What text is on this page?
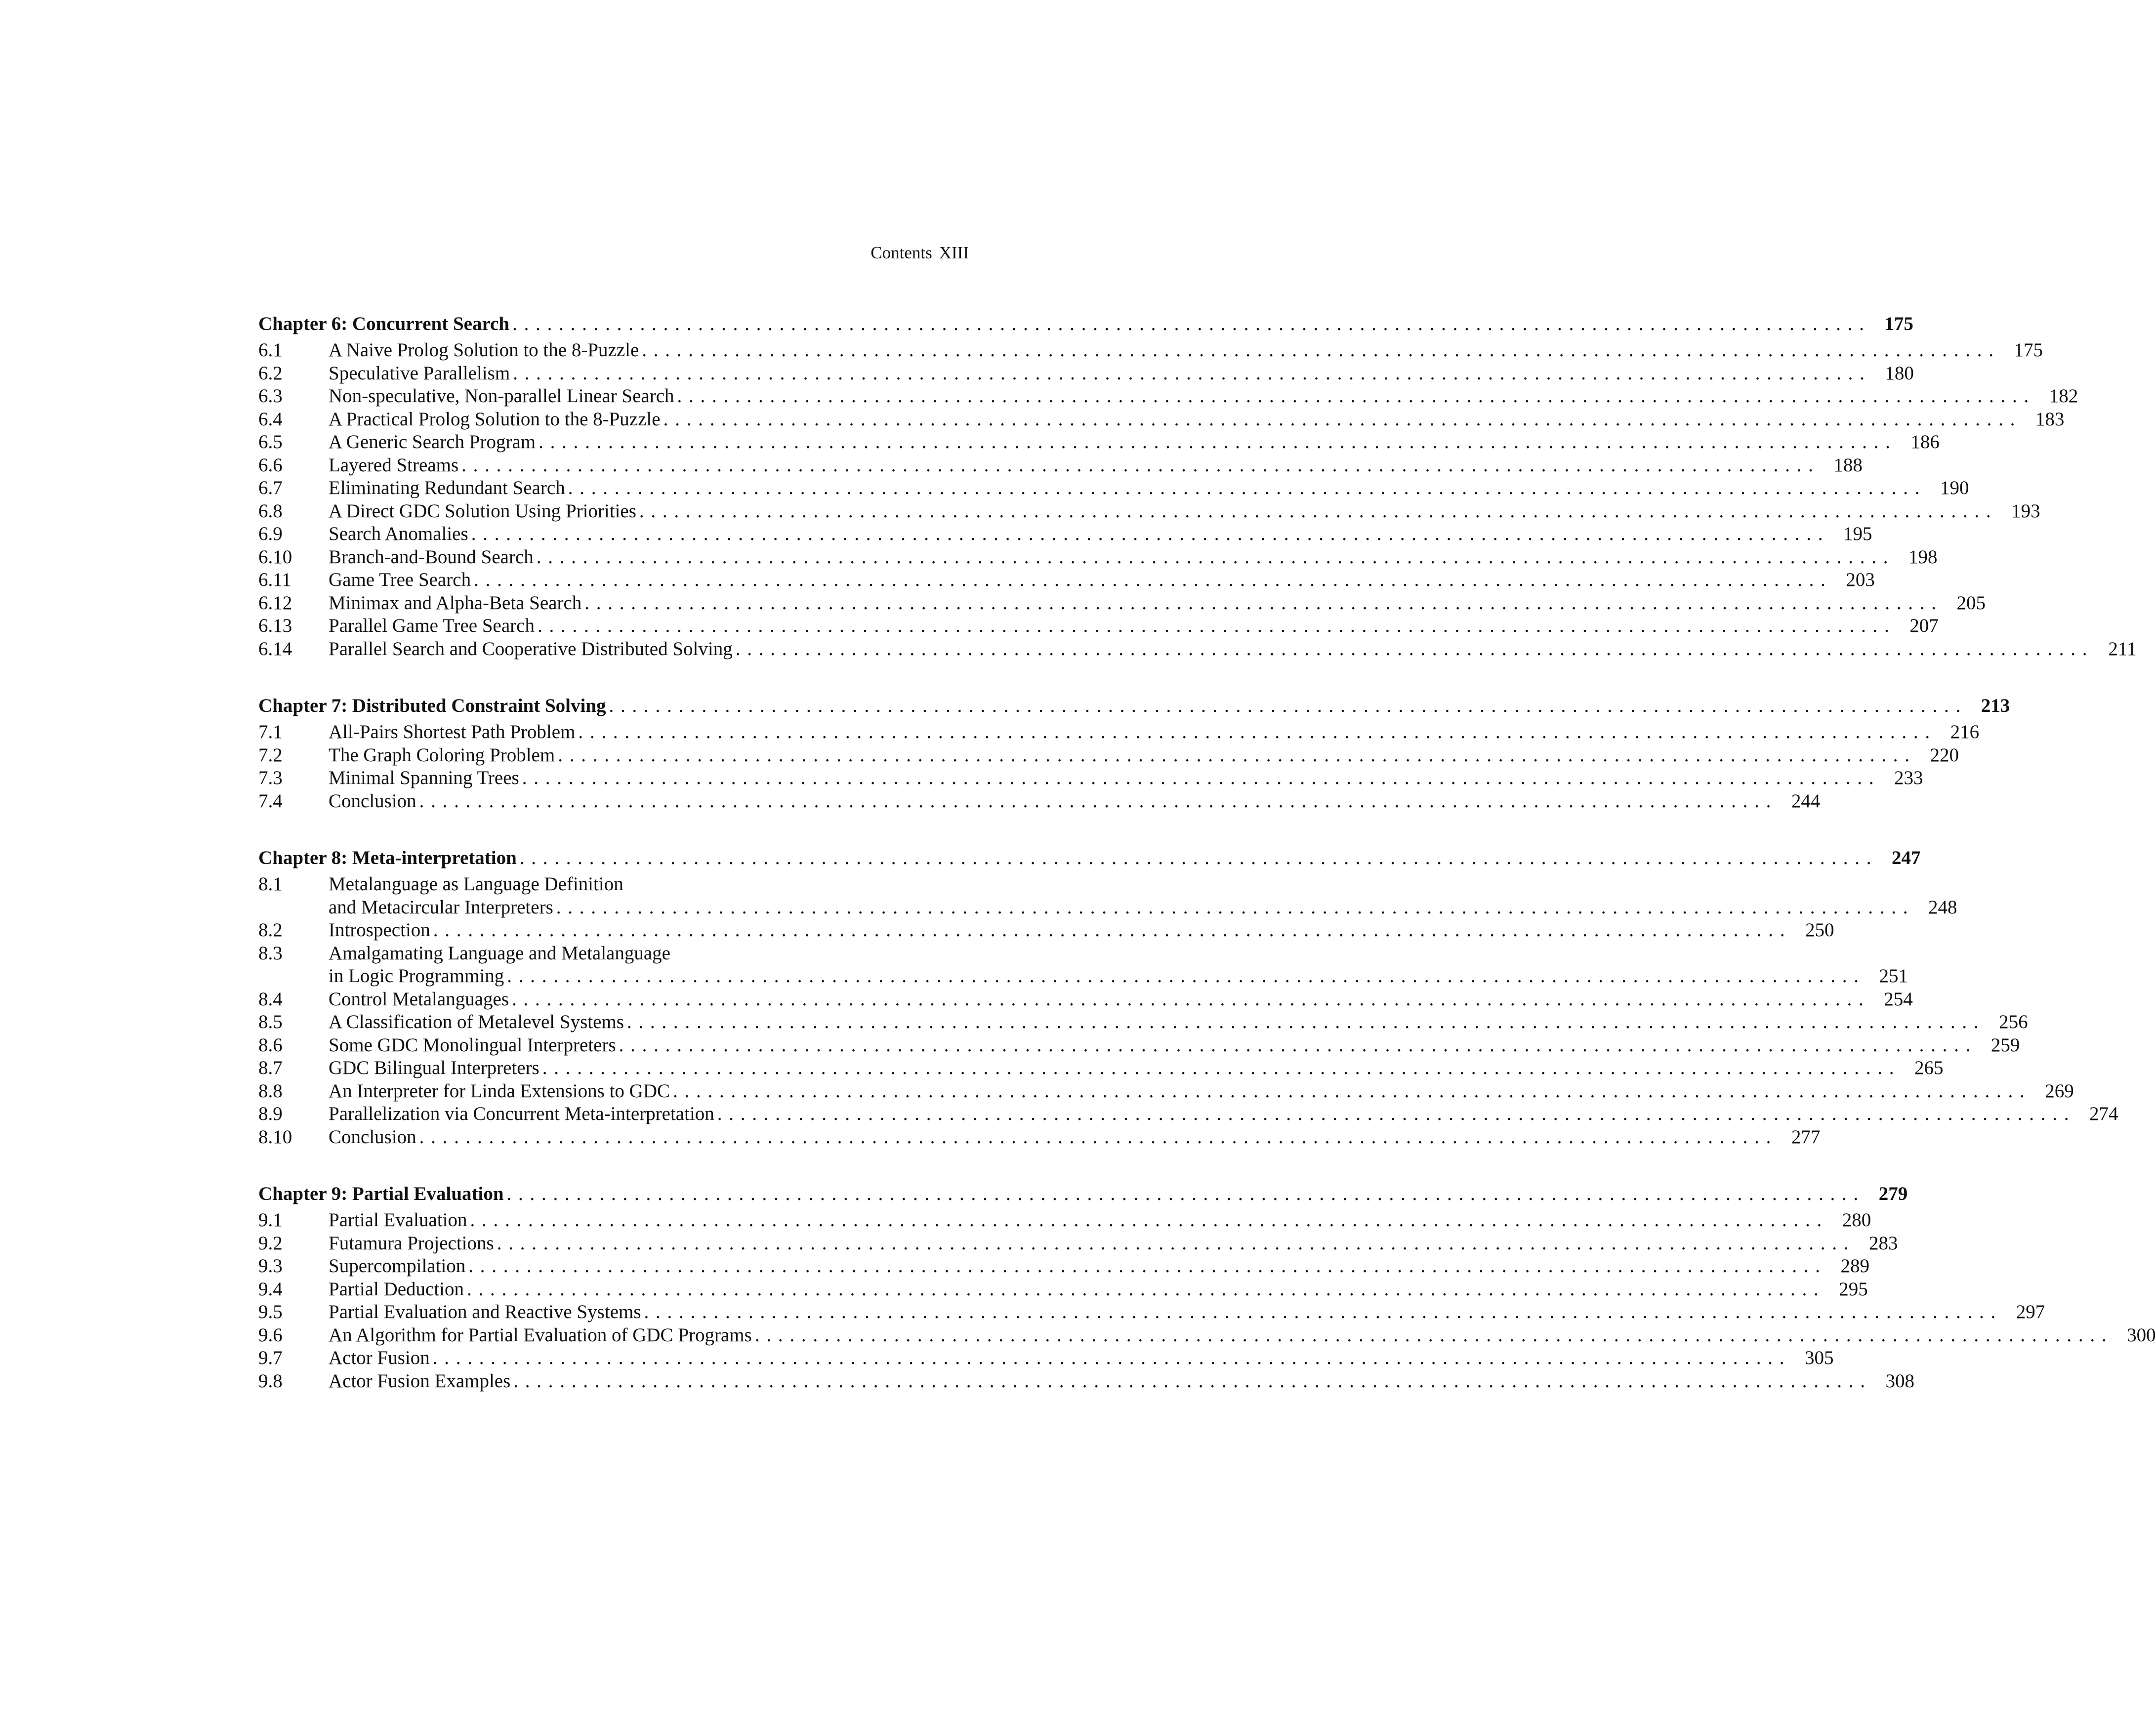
Contents XIII
Chapter 6: Concurrent Search . . . . . . . . . . . . . . . . . . . . . . . . . . . . . . . . . . . . . . . . . . . . . . . . . . . . . . . . . . . . . . . . . . . . . . . . . . . . . . . . . . . . . . . . . . . . . . . . . . . . . . . . . . . . . . . . . . . . .	175
6.1	A Naive Prolog Solution to the 8-Puzzle . . . . . . . . . . . . . . . . . . . . . . . . . . . . . . . . . . . . . . . . . . . . . . . . . . . . . . . . . . . . . . . . . . . . . . . . . . . . . . . . . . . . . . . . . . . . . . . . . . . . . . . . . . . . . . . . . . . . .	175
6.2	Speculative Parallelism . . . . . . . . . . . . . . . . . . . . . . . . . . . . . . . . . . . . . . . . . . . . . . . . . . . . . . . . . . . . . . . . . . . . . . . . . . . . . . . . . . . . . . . . . . . . . . . . . . . . . . . . . . . . . . . . . . . . .	180
6.3	Non-speculative, Non-parallel Linear Search . . . . . . . . . . . . . . . . . . . . . . . . . . . . . . . . . . . . . . . . . . . . . . . . . . . . . . . . . . . . . . . . . . . . . . . . . . . . . . . . . . . . . . . . . . . . . . . . . . . . . . . . . . . . . . . . . . . . .	182
6.4	A Practical Prolog Solution to the 8-Puzzle . . . . . . . . . . . . . . . . . . . . . . . . . . . . . . . . . . . . . . . . . . . . . . . . . . . . . . . . . . . . . . . . . . . . . . . . . . . . . . . . . . . . . . . . . . . . . . . . . . . . . . . . . . . . . . . . . . . . .	183
6.5	A Generic Search Program . . . . . . . . . . . . . . . . . . . . . . . . . . . . . . . . . . . . . . . . . . . . . . . . . . . . . . . . . . . . . . . . . . . . . . . . . . . . . . . . . . . . . . . . . . . . . . . . . . . . . . . . . . . . . . . . . . . . .	186
6.6	Layered Streams . . . . . . . . . . . . . . . . . . . . . . . . . . . . . . . . . . . . . . . . . . . . . . . . . . . . . . . . . . . . . . . . . . . . . . . . . . . . . . . . . . . . . . . . . . . . . . . . . . . . . . . . . . . . . . . . . . . . .	188
6.7	Eliminating Redundant Search . . . . . . . . . . . . . . . . . . . . . . . . . . . . . . . . . . . . . . . . . . . . . . . . . . . . . . . . . . . . . . . . . . . . . . . . . . . . . . . . . . . . . . . . . . . . . . . . . . . . . . . . . . . . . . . . . . . . .	190
6.8	A Direct GDC Solution Using Priorities . . . . . . . . . . . . . . . . . . . . . . . . . . . . . . . . . . . . . . . . . . . . . . . . . . . . . . . . . . . . . . . . . . . . . . . . . . . . . . . . . . . . . . . . . . . . . . . . . . . . . . . . . . . . . . . . . . . . .	193
6.9	Search Anomalies . . . . . . . . . . . . . . . . . . . . . . . . . . . . . . . . . . . . . . . . . . . . . . . . . . . . . . . . . . . . . . . . . . . . . . . . . . . . . . . . . . . . . . . . . . . . . . . . . . . . . . . . . . . . . . . . . . . . .	195
6.10	Branch-and-Bound Search . . . . . . . . . . . . . . . . . . . . . . . . . . . . . . . . . . . . . . . . . . . . . . . . . . . . . . . . . . . . . . . . . . . . . . . . . . . . . . . . . . . . . . . . . . . . . . . . . . . . . . . . . . . . . . . . . . . . .	198
6.11	Game Tree Search . . . . . . . . . . . . . . . . . . . . . . . . . . . . . . . . . . . . . . . . . . . . . . . . . . . . . . . . . . . . . . . . . . . . . . . . . . . . . . . . . . . . . . . . . . . . . . . . . . . . . . . . . . . . . . . . . . . . .	203
6.12	Minimax and Alpha-Beta Search . . . . . . . . . . . . . . . . . . . . . . . . . . . . . . . . . . . . . . . . . . . . . . . . . . . . . . . . . . . . . . . . . . . . . . . . . . . . . . . . . . . . . . . . . . . . . . . . . . . . . . . . . . . . . . . . . . . . .	205
6.13	Parallel Game Tree Search . . . . . . . . . . . . . . . . . . . . . . . . . . . . . . . . . . . . . . . . . . . . . . . . . . . . . . . . . . . . . . . . . . . . . . . . . . . . . . . . . . . . . . . . . . . . . . . . . . . . . . . . . . . . . . . . . . . . .	207
6.14	Parallel Search and Cooperative Distributed Solving . . . . . . . . . . . . . . . . . . . . . . . . . . . . . . . . . . . . . . . . . . . . . . . . . . . . . . . . . . . . . . . . . . . . . . . . . . . . . . . . . . . . . . . . . . . . . . . . . . . . . . . . . . . . . . . . . . . . .	211
Chapter 7: Distributed Constraint Solving . . . . . . . . . . . . . . . . . . . . . . . . . . . . . . . . . . . . . . . . . . . . . . . . . . . . . . . . . . . . . . . . . . . . . . . . . . . . . . . . . . . . . . . . . . . . . . . . . . . . . . . . . . . . . . . . . . . . .	213
7.1	All-Pairs Shortest Path Problem . . . . . . . . . . . . . . . . . . . . . . . . . . . . . . . . . . . . . . . . . . . . . . . . . . . . . . . . . . . . . . . . . . . . . . . . . . . . . . . . . . . . . . . . . . . . . . . . . . . . . . . . . . . . . . . . . . . . .	216
7.2	The Graph Coloring Problem . . . . . . . . . . . . . . . . . . . . . . . . . . . . . . . . . . . . . . . . . . . . . . . . . . . . . . . . . . . . . . . . . . . . . . . . . . . . . . . . . . . . . . . . . . . . . . . . . . . . . . . . . . . . . . . . . . . . .	220
7.3	Minimal Spanning Trees . . . . . . . . . . . . . . . . . . . . . . . . . . . . . . . . . . . . . . . . . . . . . . . . . . . . . . . . . . . . . . . . . . . . . . . . . . . . . . . . . . . . . . . . . . . . . . . . . . . . . . . . . . . . . . . . . . . . .	233
7.4	Conclusion . . . . . . . . . . . . . . . . . . . . . . . . . . . . . . . . . . . . . . . . . . . . . . . . . . . . . . . . . . . . . . . . . . . . . . . . . . . . . . . . . . . . . . . . . . . . . . . . . . . . . . . . . . . . . . . . . . . . .	244
Chapter 8: Meta-interpretation . . . . . . . . . . . . . . . . . . . . . . . . . . . . . . . . . . . . . . . . . . . . . . . . . . . . . . . . . . . . . . . . . . . . . . . . . . . . . . . . . . . . . . . . . . . . . . . . . . . . . . . . . . . . . . . . . . . . .	247
8.1	Metalanguage as Language Definition
and Metacircular Interpreters . . . . . . . . . . . . . . . . . . . . . . . . . . . . . . . . . . . . . . . . . . . . . . . . . . . . . . . . . . . . . . . . . . . . . . . . . . . . . . . . . . . . . . . . . . . . . . . . . . . . . . . . . . . . . . . . . . . . .	248
8.2	Introspection . . . . . . . . . . . . . . . . . . . . . . . . . . . . . . . . . . . . . . . . . . . . . . . . . . . . . . . . . . . . . . . . . . . . . . . . . . . . . . . . . . . . . . . . . . . . . . . . . . . . . . . . . . . . . . . . . . . . .	250
8.3	Amalgamating Language and Metalanguage
in Logic Programming . . . . . . . . . . . . . . . . . . . . . . . . . . . . . . . . . . . . . . . . . . . . . . . . . . . . . . . . . . . . . . . . . . . . . . . . . . . . . . . . . . . . . . . . . . . . . . . . . . . . . . . . . . . . . . . . . . . . .	251
8.4	Control Metalanguages . . . . . . . . . . . . . . . . . . . . . . . . . . . . . . . . . . . . . . . . . . . . . . . . . . . . . . . . . . . . . . . . . . . . . . . . . . . . . . . . . . . . . . . . . . . . . . . . . . . . . . . . . . . . . . . . . . . . .	254
8.5	A Classification of Metalevel Systems . . . . . . . . . . . . . . . . . . . . . . . . . . . . . . . . . . . . . . . . . . . . . . . . . . . . . . . . . . . . . . . . . . . . . . . . . . . . . . . . . . . . . . . . . . . . . . . . . . . . . . . . . . . . . . . . . . . . .	256
8.6	Some GDC Monolingual Interpreters . . . . . . . . . . . . . . . . . . . . . . . . . . . . . . . . . . . . . . . . . . . . . . . . . . . . . . . . . . . . . . . . . . . . . . . . . . . . . . . . . . . . . . . . . . . . . . . . . . . . . . . . . . . . . . . . . . . . .	259
8.7	GDC Bilingual Interpreters . . . . . . . . . . . . . . . . . . . . . . . . . . . . . . . . . . . . . . . . . . . . . . . . . . . . . . . . . . . . . . . . . . . . . . . . . . . . . . . . . . . . . . . . . . . . . . . . . . . . . . . . . . . . . . . . . . . . .	265
8.8	An Interpreter for Linda Extensions to GDC . . . . . . . . . . . . . . . . . . . . . . . . . . . . . . . . . . . . . . . . . . . . . . . . . . . . . . . . . . . . . . . . . . . . . . . . . . . . . . . . . . . . . . . . . . . . . . . . . . . . . . . . . . . . . . . . . . . . .	269
8.9	Parallelization via Concurrent Meta-interpretation . . . . . . . . . . . . . . . . . . . . . . . . . . . . . . . . . . . . . . . . . . . . . . . . . . . . . . . . . . . . . . . . . . . . . . . . . . . . . . . . . . . . . . . . . . . . . . . . . . . . . . . . . . . . . . . . . . . . .	274
8.10	Conclusion . . . . . . . . . . . . . . . . . . . . . . . . . . . . . . . . . . . . . . . . . . . . . . . . . . . . . . . . . . . . . . . . . . . . . . . . . . . . . . . . . . . . . . . . . . . . . . . . . . . . . . . . . . . . . . . . . . . . .	277
Chapter 9: Partial Evaluation . . . . . . . . . . . . . . . . . . . . . . . . . . . . . . . . . . . . . . . . . . . . . . . . . . . . . . . . . . . . . . . . . . . . . . . . . . . . . . . . . . . . . . . . . . . . . . . . . . . . . . . . . . . . . . . . . . . . .	279
9.1	Partial Evaluation . . . . . . . . . . . . . . . . . . . . . . . . . . . . . . . . . . . . . . . . . . . . . . . . . . . . . . . . . . . . . . . . . . . . . . . . . . . . . . . . . . . . . . . . . . . . . . . . . . . . . . . . . . . . . . . . . . . . .	280
9.2	Futamura Projections . . . . . . . . . . . . . . . . . . . . . . . . . . . . . . . . . . . . . . . . . . . . . . . . . . . . . . . . . . . . . . . . . . . . . . . . . . . . . . . . . . . . . . . . . . . . . . . . . . . . . . . . . . . . . . . . . . . . .	283
9.3	Supercompilation . . . . . . . . . . . . . . . . . . . . . . . . . . . . . . . . . . . . . . . . . . . . . . . . . . . . . . . . . . . . . . . . . . . . . . . . . . . . . . . . . . . . . . . . . . . . . . . . . . . . . . . . . . . . . . . . . . . . .	289
9.4	Partial Deduction . . . . . . . . . . . . . . . . . . . . . . . . . . . . . . . . . . . . . . . . . . . . . . . . . . . . . . . . . . . . . . . . . . . . . . . . . . . . . . . . . . . . . . . . . . . . . . . . . . . . . . . . . . . . . . . . . . . . .	295
9.5	Partial Evaluation and Reactive Systems . . . . . . . . . . . . . . . . . . . . . . . . . . . . . . . . . . . . . . . . . . . . . . . . . . . . . . . . . . . . . . . . . . . . . . . . . . . . . . . . . . . . . . . . . . . . . . . . . . . . . . . . . . . . . . . . . . . . .	297
9.6	An Algorithm for Partial Evaluation of GDC Programs . . . . . . . . . . . . . . . . . . . . . . . . . . . . . . . . . . . . . . . . . . . . . . . . . . . . . . . . . . . . . . . . . . . . . . . . . . . . . . . . . . . . . . . . . . . . . . . . . . . . . . . . . . . . . . . . . . . . .	300
9.7	Actor Fusion . . . . . . . . . . . . . . . . . . . . . . . . . . . . . . . . . . . . . . . . . . . . . . . . . . . . . . . . . . . . . . . . . . . . . . . . . . . . . . . . . . . . . . . . . . . . . . . . . . . . . . . . . . . . . . . . . . . . .	305
9.8	Actor Fusion Examples . . . . . . . . . . . . . . . . . . . . . . . . . . . . . . . . . . . . . . . . . . . . . . . . . . . . . . . . . . . . . . . . . . . . . . . . . . . . . . . . . . . . . . . . . . . . . . . . . . . . . . . . . . . . . . . . . . . . .	308
